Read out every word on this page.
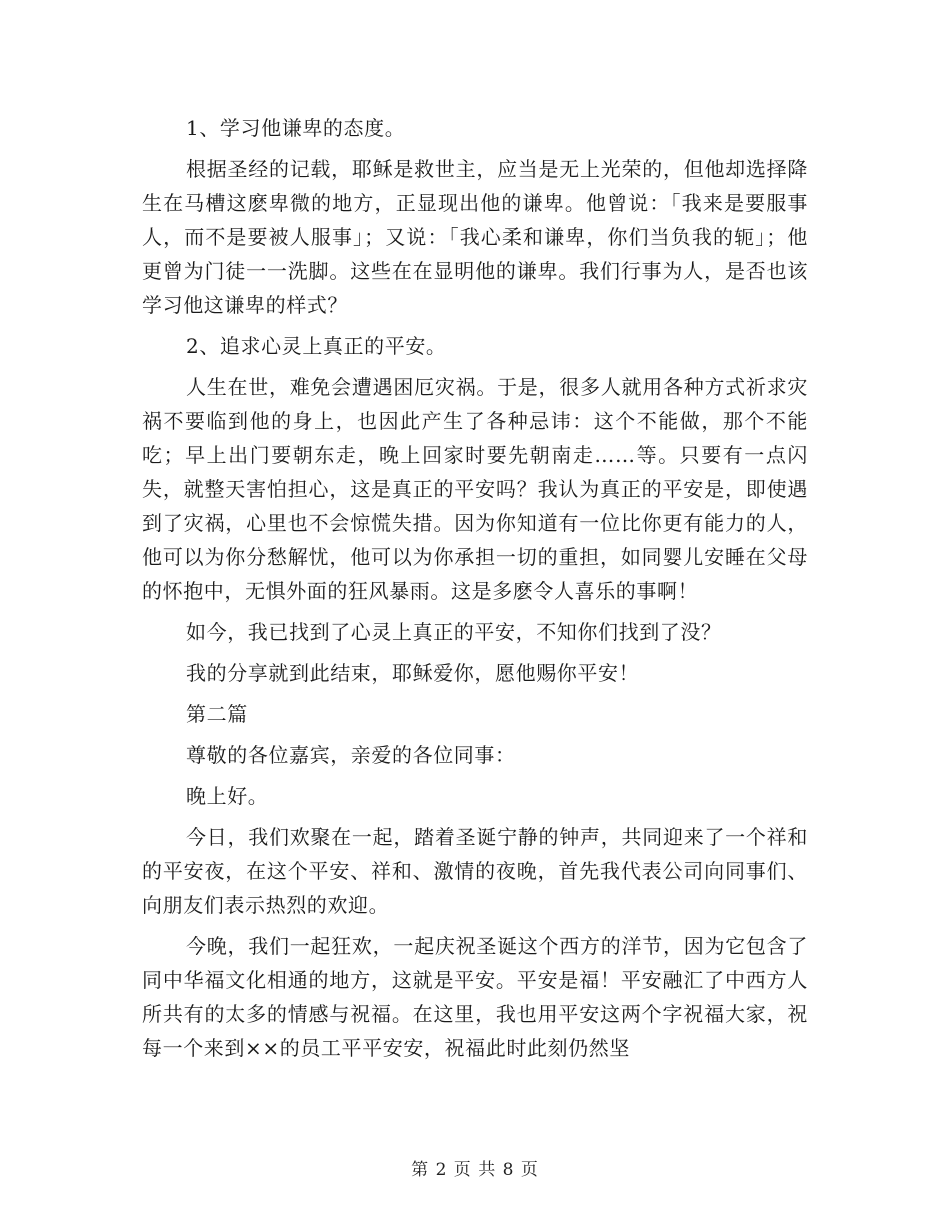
1、学习他谦卑的态度。

根据圣经的记载，耶稣是救世主，应当是无上光荣的，但他却选择降生在马槽这麽卑微的地方，正显现出他的谦卑。他曾说：「我来是要服事人，而不是要被人服事」；又说：「我心柔和谦卑，你们当负我的轭」；他更曾为门徒一一洗脚。这些在在显明他的谦卑。我们行事为人，是否也该学习他这谦卑的样式？

2、追求心灵上真正的平安。

人生在世，难免会遭遇困厄灾祸。于是，很多人就用各种方式祈求灾祸不要临到他的身上，也因此产生了各种忌讳：这个不能做，那个不能吃；早上出门要朝东走，晚上回家时要先朝南走……等。只要有一点闪失，就整天害怕担心，这是真正的平安吗？我认为真正的平安是，即使遇到了灾祸，心里也不会惊慌失措。因为你知道有一位比你更有能力的人，他可以为你分愁解忧，他可以为你承担一切的重担，如同婴儿安睡在父母的怀抱中，无惧外面的狂风暴雨。这是多麽令人喜乐的事啊！

如今，我已找到了心灵上真正的平安，不知你们找到了没？

我的分享就到此结束，耶稣爱你，愿他赐你平安！

第二篇

尊敬的各位嘉宾，亲爱的各位同事：

晚上好。

今日，我们欢聚在一起，踏着圣诞宁静的钟声，共同迎来了一个祥和的平安夜，在这个平安、祥和、激情的夜晚，首先我代表公司向同事们、向朋友们表示热烈的欢迎。

今晚，我们一起狂欢，一起庆祝圣诞这个西方的洋节，因为它包含了同中华福文化相通的地方，这就是平安。平安是福！平安融汇了中西方人所共有的太多的情感与祝福。在这里，我也用平安这两个字祝福大家，祝每一个来到××的员工平平安安，祝福此时此刻仍然坚

第 2 页 共 8 页
